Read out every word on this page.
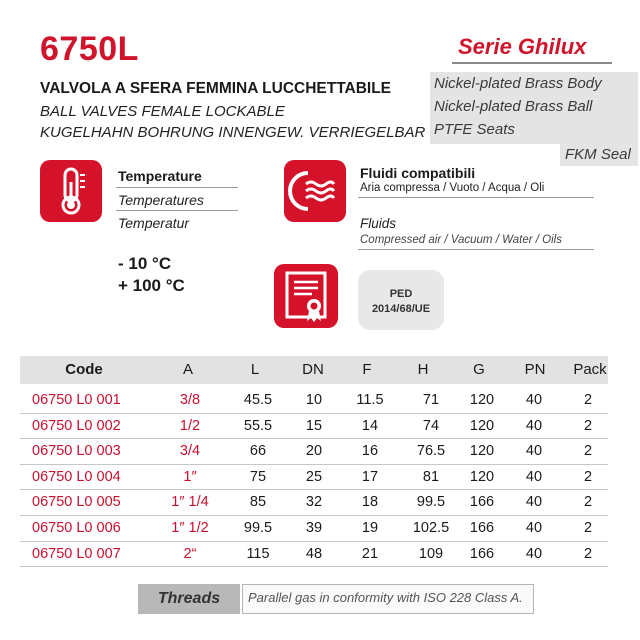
6750L	Serie Ghilux
VALVOLA A SFERA FEMMINA LUCCHETTABILE
BALL VALVES FEMALE LOCKABLE
KUGELHAHN BOHRUNG INNENGEW. VERRIEGELBAR
Nickel-plated Brass Body
Nickel-plated Brass Ball
PTFE Seats
FKM Seal
Temperature
Temperatures
Temperatur
- 10 °C
+ 100 °C
Fluidi compatibili
Aria compressa / Vuoto / Acqua / Oli
Fluids
Compressed air / Vacuum / Water / Oils
PED
2014/68/UE
Code	A	L	DN	F	H	G	PN	Pack
06750 L0 001	3/8	45.5	10	11.5	71	120	40	2
06750 L0 002	1/2	55.5	15	14	74	120	40	2
06750 L0 003	3/4	66	20	16	76.5	120	40	2
06750 L0 004	1″	75	25	17	81	120	40	2
06750 L0 005	1″ 1/4	85	32	18	99.5	166	40	2
06750 L0 006	1″ 1/2	99.5	39	19	102.5	166	40	2
06750 L0 007	2“	115	48	21	109	166	40	2
Threads	Parallel gas in conformity with ISO 228 Class A.
